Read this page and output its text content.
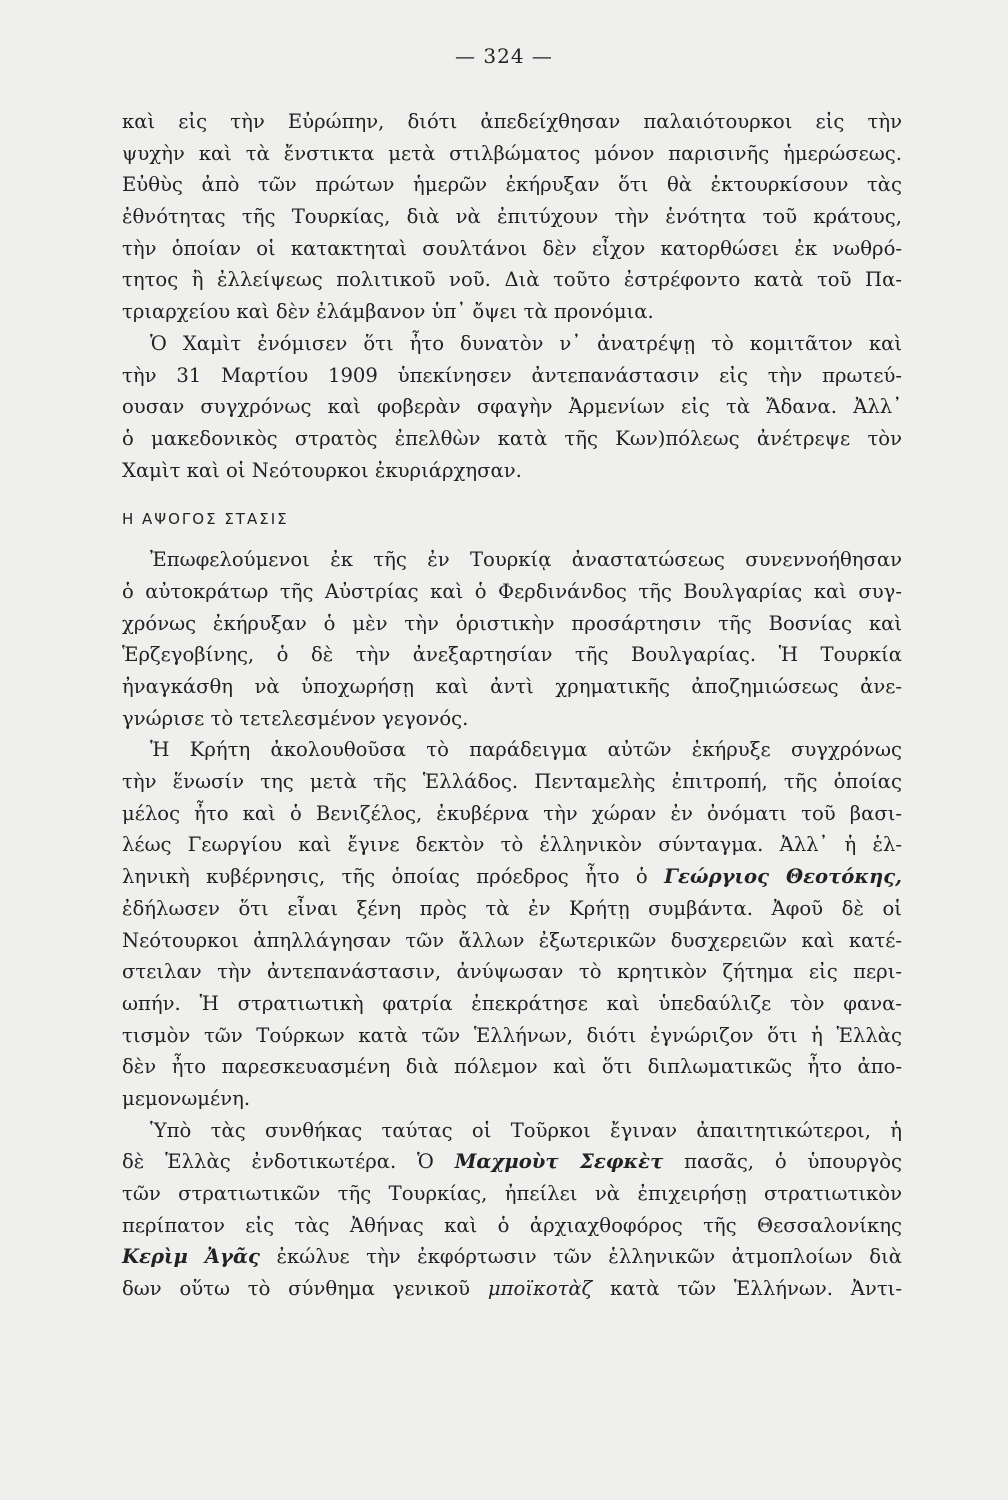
— 324 —
καὶ εἰς τὴν Εὐρώπην, διότι ἀπεδείχθησαν παλαιότουρκοι εἰς τὴν
ψυχὴν καὶ τὰ ἔνστικτα μετὰ στιλβώματος μόνον παρισινῆς ἡμερώσεως.
Εὐθὺς ἀπὸ τῶν πρώτων ἡμερῶν ἐκήρυξαν ὅτι θὰ ἐκτουρκίσουν τὰς
ἐθνότητας τῆς Τουρκίας, διὰ νὰ ἐπιτύχουν τὴν ἑνότητα τοῦ κράτους,
τὴν ὁποίαν οἱ κατακτηταὶ σουλτάνοι δὲν εἶχον κατορθώσει ἐκ νωθρό-
τητος ἢ ἐλλείψεως πολιτικοῦ νοῦ. Διὰ τοῦτο ἐστρέφοντο κατὰ τοῦ Πα-
τριαρχείου καὶ δὲν ἐλάμβανον ὑπ᾽ ὄψει τὰ προνόμια.
Ὁ Χαμὶτ ἐνόμισεν ὅτι ἦτο δυνατὸν ν᾽ ἀνατρέψῃ τὸ κομιτᾶτον καὶ
τὴν 31 Μαρτίου 1909 ὑπεκίνησεν ἀντεπανάστασιν εἰς τὴν πρωτεύ-
ουσαν συγχρόνως καὶ φοβερὰν σφαγὴν Ἀρμενίων εἰς τὰ Ἄδανα. Ἀλλ᾽
ὁ μακεδονικὸς στρατὸς ἐπελθὼν κατὰ τῆς Κων)πόλεως ἀνέτρεψε τὸν
Χαμὶτ καὶ οἱ Νεότουρκοι ἐκυριάρχησαν.
Η ΑΨΟΓΟΣ ΣΤΑΣΙΣ
Ἐπωφελούμενοι ἐκ τῆς ἐν Τουρκίᾳ ἀναστατώσεως συνεννοήθησαν
ὁ αὐτοκράτωρ τῆς Αὐστρίας καὶ ὁ Φερδινάνδος τῆς Βουλγαρίας καὶ συγ-
χρόνως ἐκήρυξαν ὁ μὲν τὴν ὁριστικὴν προσάρτησιν τῆς Βοσνίας καὶ
Ἑρζεγοβίνης, ὁ δὲ τὴν ἀνεξαρτησίαν τῆς Βουλγαρίας. Ἡ Τουρκία
ἠναγκάσθη νὰ ὑποχωρήσῃ καὶ ἀντὶ χρηματικῆς ἀποζημιώσεως ἀνε-
γνώρισε τὸ τετελεσμένον γεγονός.
Ἡ Κρήτη ἀκολουθοῦσα τὸ παράδειγμα αὐτῶν ἐκήρυξε συγχρόνως
τὴν ἕνωσίν της μετὰ τῆς Ἑλλάδος. Πενταμελὴς ἐπιτροπή, τῆς ὁποίας
μέλος ἦτο καὶ ὁ Βενιζέλος, ἐκυβέρνα τὴν χώραν ἐν ὀνόματι τοῦ βασι-
λέως Γεωργίου καὶ ἔγινε δεκτὸν τὸ ἑλληνικὸν σύνταγμα. Ἀλλ᾽ ἡ ἑλ-
ληνικὴ κυβέρνησις, τῆς ὁποίας πρόεδρος ἦτο ὁ Γεώργιος Θεοτόκης,
ἐδήλωσεν ὅτι εἶναι ξένη πρὸς τὰ ἐν Κρήτῃ συμβάντα. Ἀφοῦ δὲ οἱ
Νεότουρκοι ἀπηλλάγησαν τῶν ἄλλων ἐξωτερικῶν δυσχερειῶν καὶ κατέ-
στειλαν τὴν ἀντεπανάστασιν, ἀνύψωσαν τὸ κρητικὸν ζήτημα εἰς περι-
ωπήν. Ἡ στρατιωτικὴ φατρία ἐπεκράτησε καὶ ὑπεδαύλιζε τὸν φανα-
τισμὸν τῶν Τούρκων κατὰ τῶν Ἑλλήνων, διότι ἐγνώριζον ὅτι ἡ Ἑλλὰς
δὲν ἦτο παρεσκευασμένη διὰ πόλεμον καὶ ὅτι διπλωματικῶς ἦτο ἀπο-
μεμονωμένη.
Ὑπὸ τὰς συνθήκας ταύτας οἱ Τοῦρκοι ἔγιναν ἀπαιτητικώτεροι, ἡ
δὲ Ἑλλὰς ἐνδοτικωτέρα. Ὁ Μαχμοὺτ Σεφκὲτ πασᾶς, ὁ ὑπουργὸς
τῶν στρατιωτικῶν τῆς Τουρκίας, ἠπείλει νὰ ἐπιχειρήσῃ στρατιωτικὸν
περίπατον εἰς τὰς Ἀθήνας καὶ ὁ ἀρχιαχθοφόρος τῆς Θεσσαλονίκης
Κερὶμ Ἀγᾶς ἐκώλυε τὴν ἐκφόρτωσιν τῶν ἑλληνικῶν ἀτμοπλοίων διὰ
δων οὕτω τὸ σύνθημα γενικοῦ μποϊκοτὰζ κατὰ τῶν Ἑλλήνων. Ἀντι-
